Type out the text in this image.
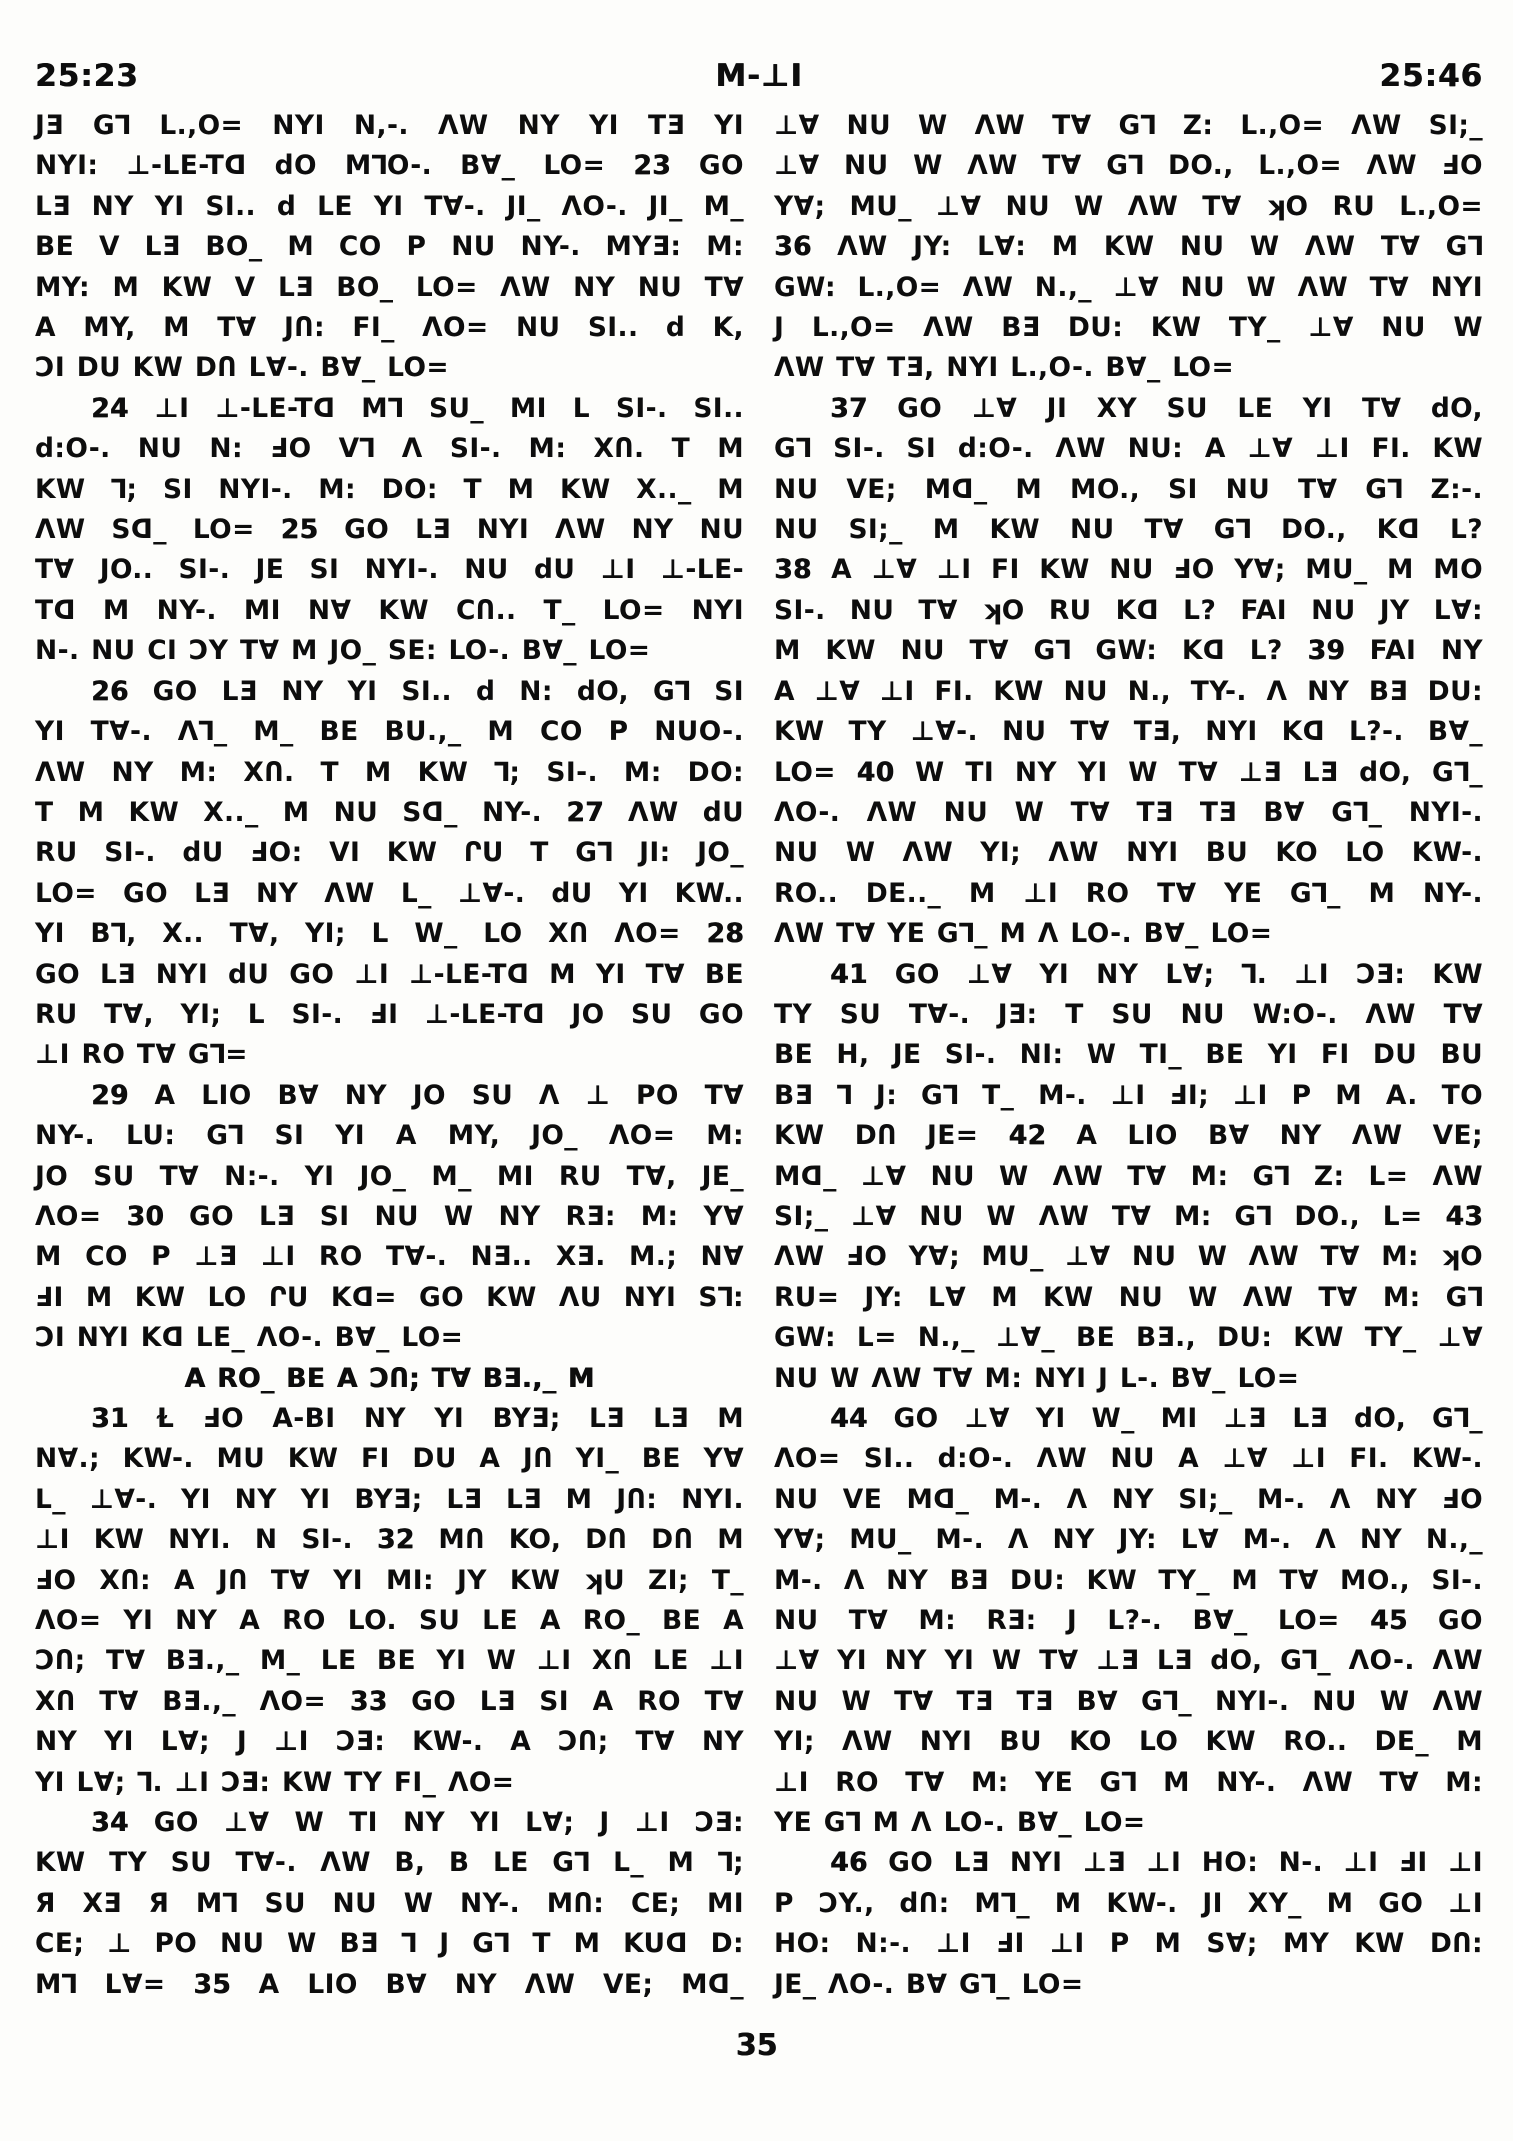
25:23	M-⊥I	25:46
JƎ G⅂ L.,O= NYI N,-. ɅW NY YI TƎ YI
NYI: ⊥-LE-Tᗡ dO M⅂O-. B∀_ LO= 23 GO
LƎ NY YI SI.. d LE YI T∀-. JI_ ɅO-. JI_ M_
BE V LƎ BO_ M CO P NU NY-. MYƎ: M:
MY: M KW V LƎ BO_ LO= ɅW NY NU T∀
A MY, M T∀ JՈ: FI_ ɅO= NU SI.. d K,
ƆI DU KW DՈ L∀-. B∀_ LO=
24 ⊥I ⊥-LE-Tᗡ M⅂ SU_ MI L SI-. SI..
d:O-. NU N: ℲO V⅂ Ʌ SI-. M: XՈ. T M
KW ⅂; SI NYI-. M: DO: T M KW X.._ M
ɅW Sᗡ_ LO= 25 GO LƎ NYI ɅW NY NU
T∀ JO.. SI-. JE SI NYI-. NU dU ⊥I ⊥-LE-
Tᗡ M NY-. MI N∀ KW CՈ.. T_ LO= NYI
N-. NU CI ƆY T∀ M JO_ SE: LO-. B∀_ LO=
26 GO LƎ NY YI SI.. d N: dO, G⅂ SI
YI T∀-. Ʌ⅂_ M_ BE BU.,_ M CO P NUO-.
ɅW NY M: XՈ. T M KW ⅂; SI-. M: DO:
T M KW X.._ M NU Sᗡ_ NY-. 27 ɅW dU
RU SI-. dU ℲO: VI KW ՐU T G⅂ JI: JO_
LO= GO LƎ NY ɅW L_ ⊥∀-. dU YI KW..
YI B⅂, X.. T∀, YI; L W_ LO XՈ ɅO= 28
GO LƎ NYI dU GO ⊥I ⊥-LE-Tᗡ M YI T∀ BE
RU T∀, YI; L SI-. ℲI ⊥-LE-Tᗡ JO SU GO
⊥I RO T∀ G⅂=
29 A LIO B∀ NY JO SU Ʌ ⊥ PO T∀
NY-. LU: G⅂ SI YI A MY, JO_ ɅO= M:
JO SU T∀ N:-. YI JO_ M_ MI RU T∀, JE_
ɅO= 30 GO LƎ SI NU W NY RƎ: M: Y∀
M CO P ⊥Ǝ ⊥I RO T∀-. NƎ.. XƎ. M.; N∀
ℲI M KW LO ՐU Kᗡ= GO KW ɅU NYI S⅂:
ƆI NYI Kᗡ LE_ ɅO-. B∀_ LO=
A RO_ BE A ƆՈ; T∀ BƎ.,_ M
31 Ɫ ℲO A-BI NY YI BYƎ; LƎ LƎ M
N∀.; KW-. MU KW FI DU A JՈ YI_ BE Y∀
L_ ⊥∀-. YI NY YI BYƎ; LƎ LƎ M JՈ: NYI.
⊥I KW NYI. N SI-. 32 MՈ KO, DՈ DՈ M
ℲO XՈ: A JՈ T∀ YI MI: JY KW ʞU ZI; T_
ɅO= YI NY A RO LO. SU LE A RO_ BE A
ƆՈ; T∀ BƎ.,_ M_ LE BE YI W ⊥I XՈ LE ⊥I
XՈ T∀ BƎ.,_ ɅO= 33 GO LƎ SI A RO T∀
NY YI L∀; J ⊥I ƆƎ: KW-. A ƆՈ; T∀ NY
YI L∀; ⅂. ⊥I ƆƎ: KW TY FI_ ɅO=
34 GO ⊥∀ W TI NY YI L∀; J ⊥I ƆƎ:
KW TY SU T∀-. ɅW B, B LE G⅂ L_ M ⅂;
Я XƎ Я M⅂ SU NU W NY-. MՈ: CE; MI
CE; ⊥ PO NU W BƎ ⅂ J G⅂ T M KUᗡ D:
M⅂ L∀= 35 A LIO B∀ NY ɅW VE; Mᗡ_
⊥∀ NU W ɅW T∀ G⅂ Z: L.,O= ɅW SI;_
⊥∀ NU W ɅW T∀ G⅂ DO., L.,O= ɅW ℲO
Y∀; MU_ ⊥∀ NU W ɅW T∀ ʞO RU L.,O=
36 ɅW JY: L∀: M KW NU W ɅW T∀ G⅂
GW: L.,O= ɅW N.,_ ⊥∀ NU W ɅW T∀ NYI
J L.,O= ɅW BƎ DU: KW TY_ ⊥∀ NU W
ɅW T∀ TƎ, NYI L.,O-. B∀_ LO=
37 GO ⊥∀ JI XY SU LE YI T∀ dO,
G⅂ SI-. SI d:O-. ɅW NU: A ⊥∀ ⊥I FI. KW
NU VE; Mᗡ_ M MO., SI NU T∀ G⅂ Z:-.
NU SI;_ M KW NU T∀ G⅂ DO., Kᗡ L?
38 A ⊥∀ ⊥I FI KW NU ℲO Y∀; MU_ M MO
SI-. NU T∀ ʞO RU Kᗡ L? FAI NU JY L∀:
M KW NU T∀ G⅂ GW: Kᗡ L? 39 FAI NY
A ⊥∀ ⊥I FI. KW NU N., TY-. Ʌ NY BƎ DU:
KW TY ⊥∀-. NU T∀ TƎ, NYI Kᗡ L?-. B∀_
LO= 40 W TI NY YI W T∀ ⊥Ǝ LƎ dO, G⅂_
ɅO-. ɅW NU W T∀ TƎ TƎ B∀ G⅂_ NYI-.
NU W ɅW YI; ɅW NYI BU KO LO KW-.
RO.. DE.._ M ⊥I RO T∀ YE G⅂_ M NY-.
ɅW T∀ YE G⅂_ M Ʌ LO-. B∀_ LO=
41 GO ⊥∀ YI NY L∀; ⅂. ⊥I ƆƎ: KW
TY SU T∀-. JƎ: T SU NU W:O-. ɅW T∀
BE H, JE SI-. NI: W TI_ BE YI FI DU BU
BƎ ⅂ J: G⅂ T_ M-. ⊥I ℲI; ⊥I P M A. TO
KW DՈ JE= 42 A LIO B∀ NY ɅW VE;
Mᗡ_ ⊥∀ NU W ɅW T∀ M: G⅂ Z: L= ɅW
SI;_ ⊥∀ NU W ɅW T∀ M: G⅂ DO., L= 43
ɅW ℲO Y∀; MU_ ⊥∀ NU W ɅW T∀ M: ʞO
RU= JY: L∀ M KW NU W ɅW T∀ M: G⅂
GW: L= N.,_ ⊥∀_ BE BƎ., DU: KW TY_ ⊥∀
NU W ɅW T∀ M: NYI J L-. B∀_ LO=
44 GO ⊥∀ YI W_ MI ⊥Ǝ LƎ dO, G⅂_
ɅO= SI.. d:O-. ɅW NU A ⊥∀ ⊥I FI. KW-.
NU VE Mᗡ_ M-. Ʌ NY SI;_ M-. Ʌ NY ℲO
Y∀; MU_ M-. Ʌ NY JY: L∀ M-. Ʌ NY N.,_
M-. Ʌ NY BƎ DU: KW TY_ M T∀ MO., SI-.
NU T∀ M: RƎ: J L?-. B∀_ LO= 45 GO
⊥∀ YI NY YI W T∀ ⊥Ǝ LƎ dO, G⅂_ ɅO-. ɅW
NU W T∀ TƎ TƎ B∀ G⅂_ NYI-. NU W ɅW
YI; ɅW NYI BU KO LO KW RO.. DE_ M
⊥I RO T∀ M: YE G⅂ M NY-. ɅW T∀ M:
YE G⅂ M Ʌ LO-. B∀_ LO=
46 GO LƎ NYI ⊥Ǝ ⊥I HO: N-. ⊥I ℲI ⊥I
P ƆY., dՈ: M⅂_ M KW-. JI XY_ M GO ⊥I
HO: N:-. ⊥I ℲI ⊥I P M S∀; MY KW DՈ:
JE_ ɅO-. B∀ G⅂_ LO=
35
